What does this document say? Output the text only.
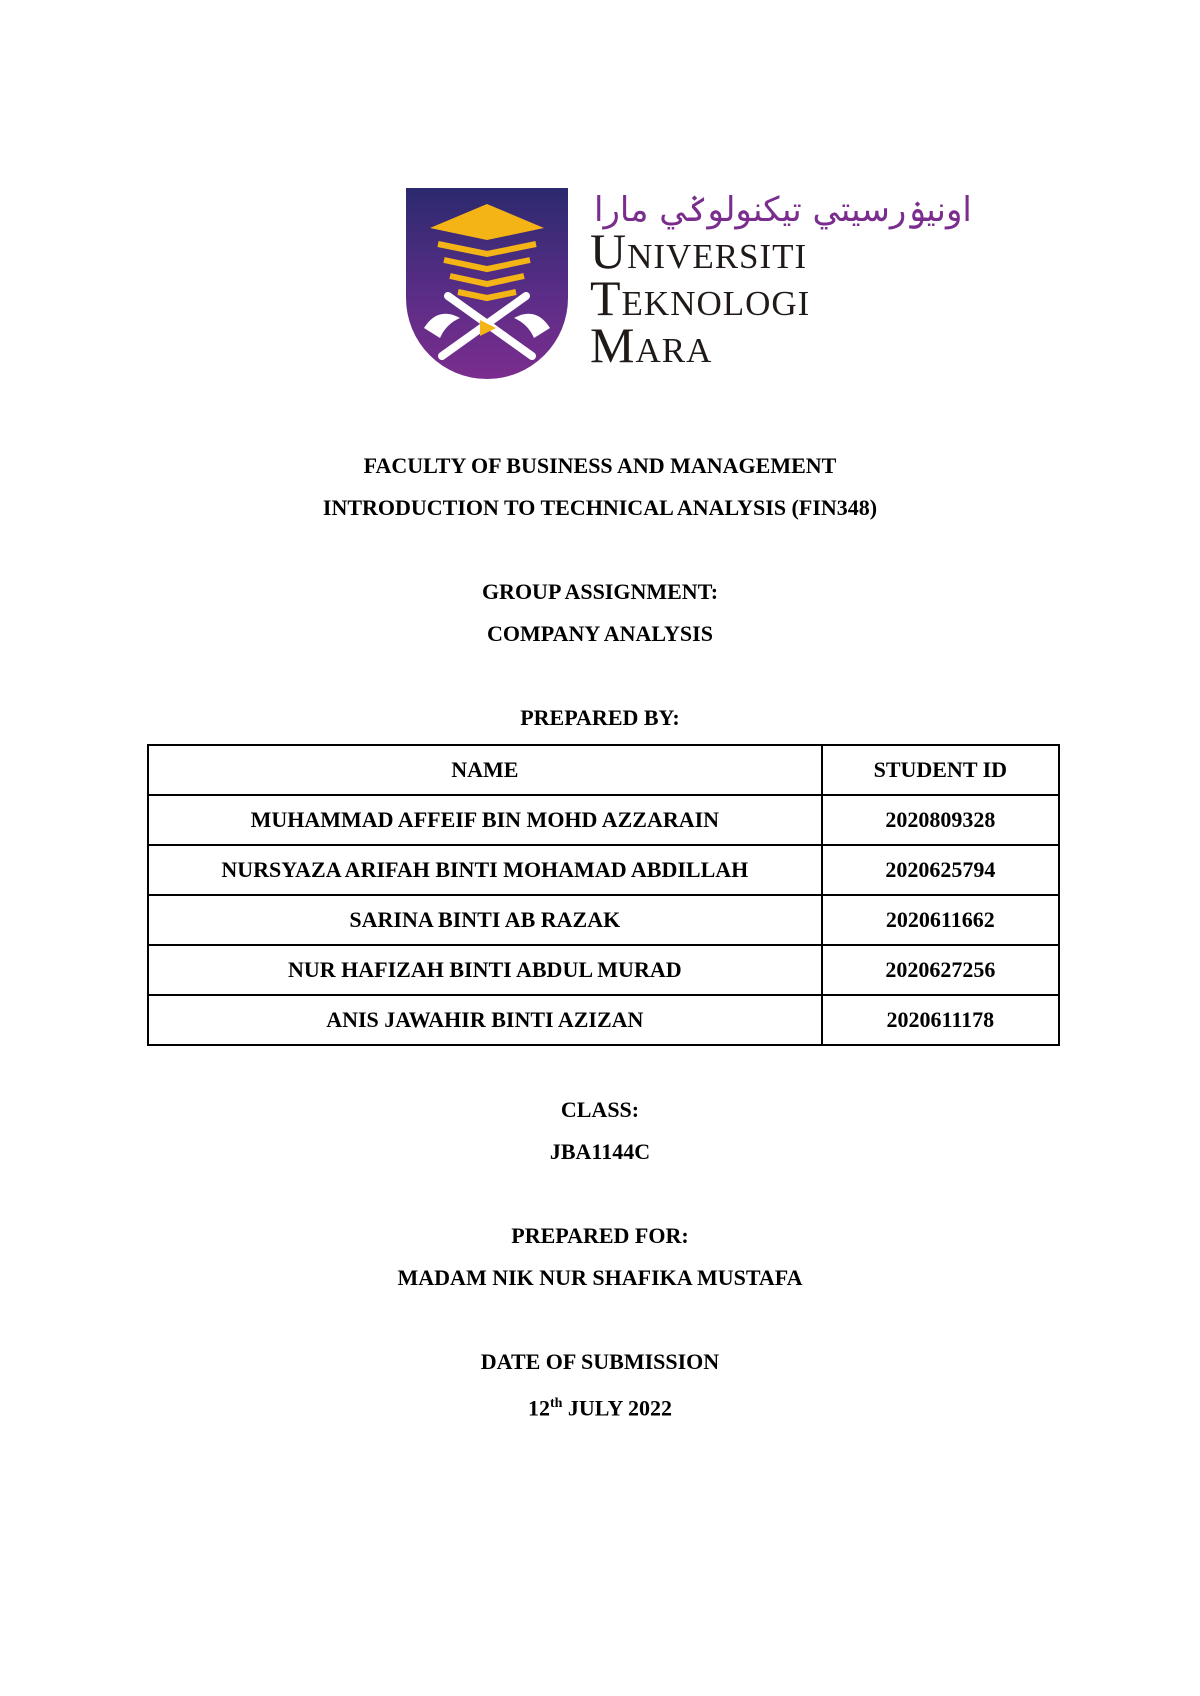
اونيۏرسيتي تيکنولوݢي مارا
Universiti
Teknologi
Mara
FACULTY OF BUSINESS AND MANAGEMENT
INTRODUCTION TO TECHNICAL ANALYSIS (FIN348)
GROUP ASSIGNMENT:
COMPANY ANALYSIS
PREPARED BY:
NAME	STUDENT ID
MUHAMMAD AFFEIF BIN MOHD AZZARAIN	2020809328
NURSYAZA ARIFAH BINTI MOHAMAD ABDILLAH	2020625794
SARINA BINTI AB RAZAK	2020611662
NUR HAFIZAH BINTI ABDUL MURAD	2020627256
ANIS JAWAHIR BINTI AZIZAN	2020611178
CLASS:
JBA1144C
PREPARED FOR:
MADAM NIK NUR SHAFIKA MUSTAFA
DATE OF SUBMISSION
12th JULY 2022
